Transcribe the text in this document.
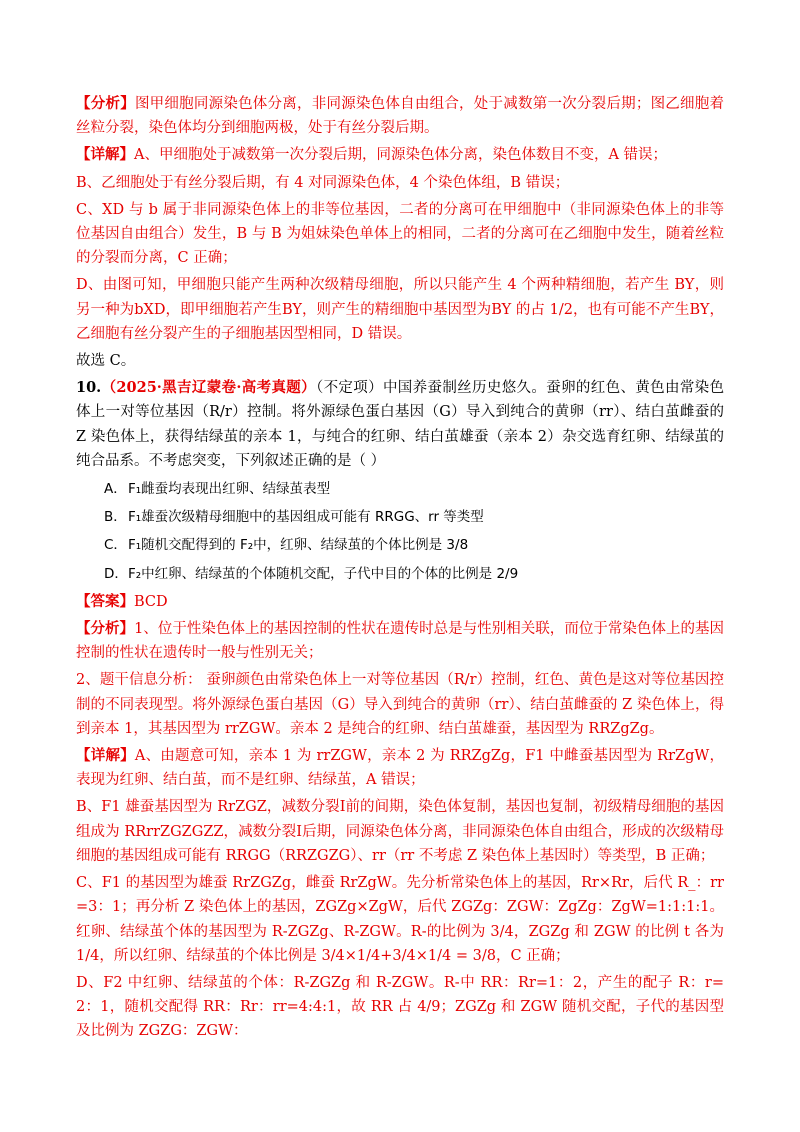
【分析】图甲细胞同源染色体分离，非同源染色体自由组合，处于减数第一次分裂后期；图乙细胞着丝粒分裂，染色体均分到细胞两极，处于有丝分裂后期。

【详解】A、甲细胞处于减数第一次分裂后期，同源染色体分离，染色体数目不变，A 错误；

B、乙细胞处于有丝分裂后期，有 4 对同源染色体，4 个染色体组，B 错误；

C、XD 与 b 属于非同源染色体上的非等位基因，二者的分离可在甲细胞中（非同源染色体上的非等位基因自由组合）发生，B 与 B 为姐妹染色单体上的相同，二者的分离可在乙细胞中发生，随着丝粒的分裂而分离，C 正确；

D、由图可知，甲细胞只能产生两种次级精母细胞，所以只能产生 4 个两种精细胞，若产生 BY，则另一种为bXD，即甲细胞若产生BY，则产生的精细胞中基因型为BY 的占 1/2，也有可能不产生BY，乙细胞有丝分裂产生的子细胞基因型相同，D 错误。

故选 C。

10.（2025·黑吉辽蒙卷·高考真题）（不定项）中国养蚕制丝历史悠久。蚕卵的红色、黄色由常染色体上一对等位基因（R/r）控制。将外源绿色蛋白基因（G）导入到纯合的黄卵（rr）、结白茧雌蚕的 Z 染色体上，获得结绿茧的亲本 1，与纯合的红卵、结白茧雄蚕（亲本 2）杂交选育红卵、结绿茧的纯合品系。不考虑突变，下列叙述正确的是（ ）

A．F₁雌蚕均表现出红卵、结绿茧表型
B．F₁雄蚕次级精母细胞中的基因组成可能有 RRGG、rr 等类型
C．F₁随机交配得到的 F₂中，红卵、结绿茧的个体比例是 3/8
D．F₂中红卵、结绿茧的个体随机交配，子代中目的个体的比例是 2/9

【答案】BCD

【分析】1、位于性染色体上的基因控制的性状在遗传时总是与性别相关联，而位于常染色体上的基因控制的性状在遗传时一般与性别无关；

2、题干信息分析： 蚕卵颜色由常染色体上一对等位基因（R/r）控制，红色、黄色是这对等位基因控制的不同表现型。将外源绿色蛋白基因（G）导入到纯合的黄卵（rr）、结白茧雌蚕的 Z 染色体上，得到亲本 1，其基因型为 rrZGW。亲本 2 是纯合的红卵、结白茧雄蚕，基因型为 RRZgZg。

【详解】A、由题意可知，亲本 1 为 rrZGW，亲本 2 为 RRZgZg，F1 中雌蚕基因型为 RrZgW，表现为红卵、结白茧，而不是红卵、结绿茧，A 错误；

B、F1 雄蚕基因型为 RrZGZ，减数分裂Ⅰ前的间期，染色体复制，基因也复制，初级精母细胞的基因组成为 RRrrZGZGZZ，减数分裂Ⅰ后期，同源染色体分离，非同源染色体自由组合，形成的次级精母细胞的基因组成可能有 RRGG（RRZGZG）、rr（rr 不考虑 Z 染色体上基因时）等类型，B 正确；

C、F1 的基因型为雄蚕 RrZGZg，雌蚕 RrZgW。先分析常染色体上的基因，Rr×Rr，后代 R_：rr=3：1；再分析 Z 染色体上的基因，ZGZg×ZgW，后代 ZGZg：ZGW：ZgZg：ZgW=1:1:1:1。 红卵、结绿茧个体的基因型为 R-ZGZg、R-ZGW。R-的比例为 3/4，ZGZg 和 ZGW 的比例 t 各为 1/4，所以红卵、结绿茧的个体比例是 3/4×1/4+3/4×1/4 = 3/8，C 正确；

D、F2 中红卵、结绿茧的个体：R-ZGZg 和 R-ZGW。R-中 RR：Rr=1：2，产生的配子 R：r=2：1，随机交配得 RR：Rr：rr=4:4:1，故 RR 占 4/9；ZGZg 和 ZGW 随机交配，子代的基因型及比例为 ZGZG：ZGW：
